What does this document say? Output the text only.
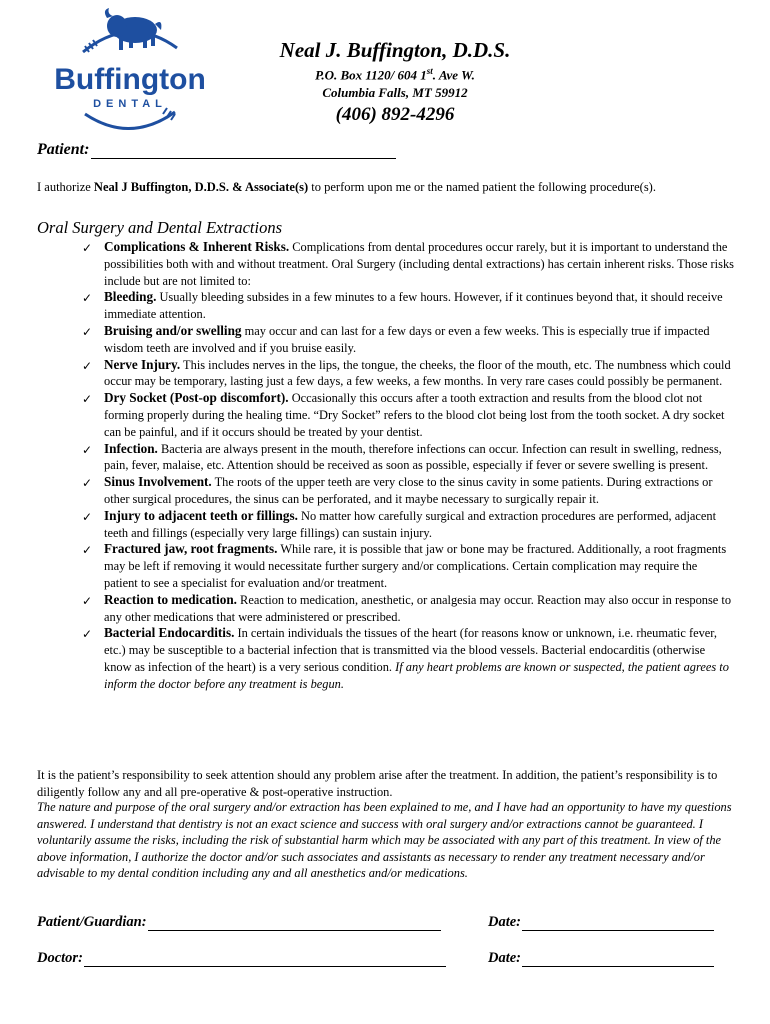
Buffington
DENTAL
Neal J. Buffington, D.D.S.
P.O. Box 1120/ 604 1st. Ave W.
Columbia Falls, MT 59912
(406) 892-4296
Patient:
I authorize Neal J Buffington, D.D.S. & Associate(s) to perform upon me or the named patient the following procedure(s).
Oral Surgery and Dental Extractions
✓ Complications & Inherent Risks. Complications from dental procedures occur rarely, but it is important to understand the possibilities both with and without treatment. Oral Surgery (including dental extractions) has certain inherent risks. Those risks include but are not limited to:
✓ Bleeding. Usually bleeding subsides in a few minutes to a few hours. However, if it continues beyond that, it should receive immediate attention.
✓ Bruising and/or swelling may occur and can last for a few days or even a few weeks. This is especially true if impacted wisdom teeth are involved and if you bruise easily.
✓ Nerve Injury. This includes nerves in the lips, the tongue, the cheeks, the floor of the mouth, etc. The numbness which could occur may be temporary, lasting just a few days, a few weeks, a few months. In very rare cases could possibly be permanent.
✓ Dry Socket (Post-op discomfort). Occasionally this occurs after a tooth extraction and results from the blood clot not forming properly during the healing time. “Dry Socket” refers to the blood clot being lost from the tooth socket. A dry socket can be painful, and if it occurs should be treated by your dentist.
✓ Infection. Bacteria are always present in the mouth, therefore infections can occur. Infection can result in swelling, redness, pain, fever, malaise, etc. Attention should be received as soon as possible, especially if fever or severe swelling is present.
✓ Sinus Involvement. The roots of the upper teeth are very close to the sinus cavity in some patients. During extractions or other surgical procedures, the sinus can be perforated, and it maybe necessary to surgically repair it.
✓ Injury to adjacent teeth or fillings. No matter how carefully surgical and extraction procedures are performed, adjacent teeth and fillings (especially very large fillings) can sustain injury.
✓ Fractured jaw, root fragments. While rare, it is possible that jaw or bone may be fractured. Additionally, a root fragments may be left if removing it would necessitate further surgery and/or complications. Certain complication may require the patient to see a specialist for evaluation and/or treatment.
✓ Reaction to medication. Reaction to medication, anesthetic, or analgesia may occur. Reaction may also occur in response to any other medications that were administered or prescribed.
✓ Bacterial Endocarditis. In certain individuals the tissues of the heart (for reasons know or unknown, i.e. rheumatic fever, etc.) may be susceptible to a bacterial infection that is transmitted via the blood vessels. Bacterial endocarditis (otherwise know as infection of the heart) is a very serious condition. If any heart problems are known or suspected, the patient agrees to inform the doctor before any treatment is begun.
It is the patient’s responsibility to seek attention should any problem arise after the treatment. In addition, the patient’s responsibility is to diligently follow any and all pre-operative & post-operative instruction.
The nature and purpose of the oral surgery and/or extraction has been explained to me, and I have had an opportunity to have my questions answered. I understand that dentistry is not an exact science and success with oral surgery and/or extractions cannot be guaranteed. I voluntarily assume the risks, including the risk of substantial harm which may be associated with any part of this treatment. In view of the above information, I authorize the doctor and/or such associates and assistants as necessary to render any treatment necessary and/or advisable to my dental condition including any and all anesthetics and/or medications.
Patient/Guardian:	Date:
Doctor:	Date:
